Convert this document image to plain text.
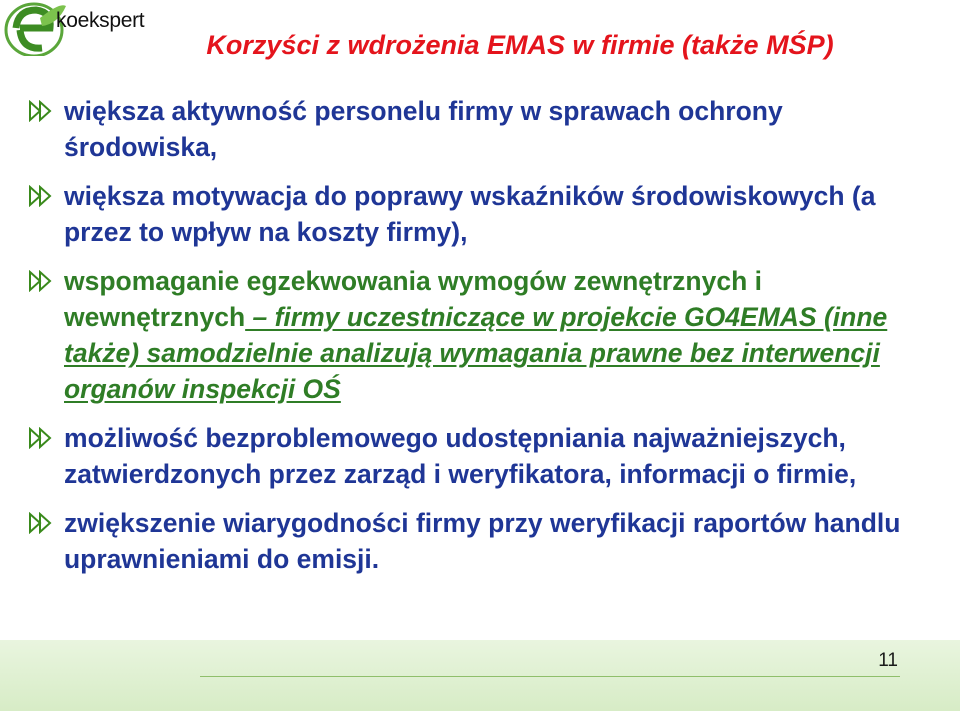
koekspert
Korzyści z wdrożenia EMAS w firmie (także MŚP)
większa aktywność personelu firmy w sprawach ochrony środowiska,
większa motywacja do poprawy wskaźników środowiskowych (a przez to wpływ na koszty firmy),
wspomaganie egzekwowania wymogów zewnętrznych i wewnętrznych – firmy uczestniczące w projekcie GO4EMAS (inne także) samodzielnie analizują wymagania prawne bez interwencji organów inspekcji OŚ
możliwość bezproblemowego udostępniania najważniejszych, zatwierdzonych przez zarząd i weryfikatora, informacji o firmie,
zwiększenie wiarygodności firmy przy weryfikacji raportów handlu uprawnieniami do emisji.
11
